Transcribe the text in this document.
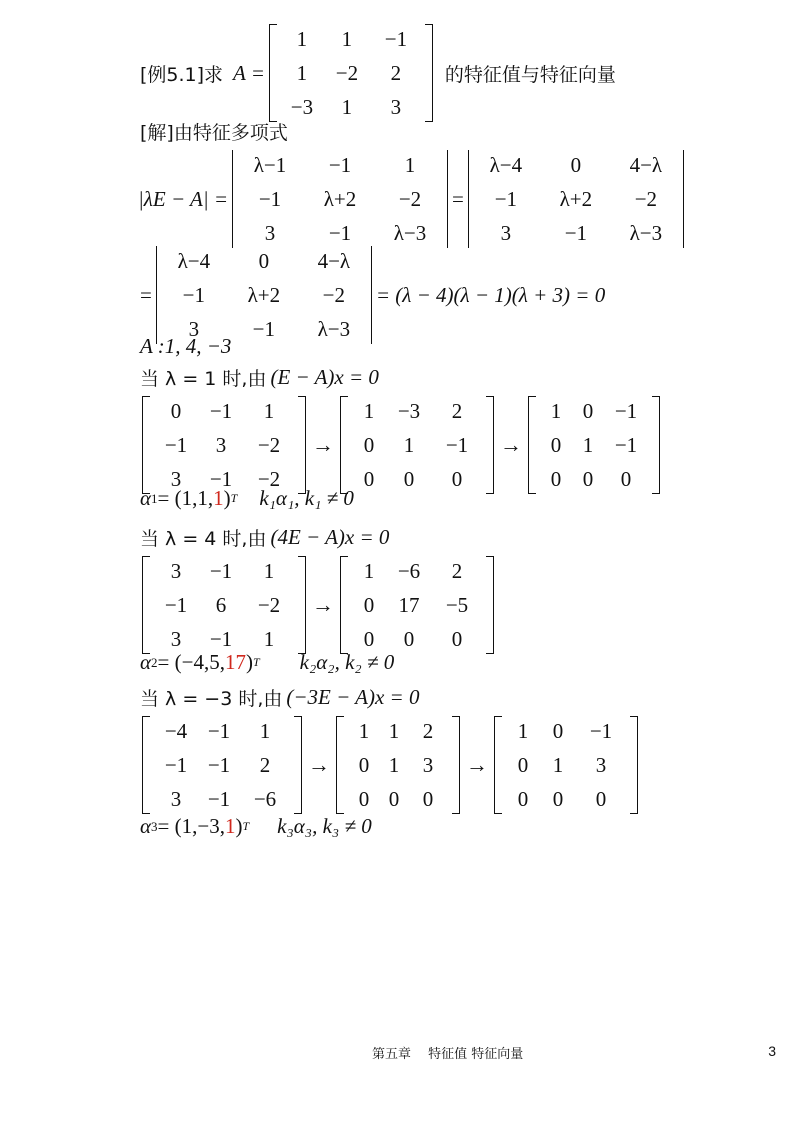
[例5.1]求 A =
1	1	−1
1	−2	2
−3	1	3
的特征值与特征向量
[解]由特征多项式
|λE − A| =
λ−1	−1	1
−1	λ+2	−2
3	−1	λ−3
=
λ−4	0	4−λ
−1	λ+2	−2
3	−1	λ−3
=
λ−4	0	4−λ
−1	λ+2	−2
3	−1	λ−3
= (λ − 4)(λ − 1)(λ + 3) = 0
A :1, 4, −3
当 λ = 1 时,由 (E − A)x = 0
0	−1	1
−1	3	−2
3	−1	−2
→
1	−3	2
0	1	−1
0	0	0
→
1	0	−1
0	1	−1
0	0	0
α 1 = (1,1, 1 ) T k₁α₁, k₁ ≠ 0
当 λ = 4 时,由 (4E − A)x = 0
3	−1	1
−1	6	−2
3	−1	1
→
1	−6	2
0	17	−5
0	0	0
α 2 = (−4,5, 17 ) T k₂α₂, k₂ ≠ 0
当 λ = −3 时,由 (−3E − A)x = 0
−4 −1	1
−1 −1	2
3	−1	−6
→
1 1	2
0 1	3
0 0	0
→
1	0	−1
0	1	3
0	0	0
α 3 = (1,−3, 1 ) T k₃α₃, k₃ ≠ 0
第五章　 特征值 特征向量	3
